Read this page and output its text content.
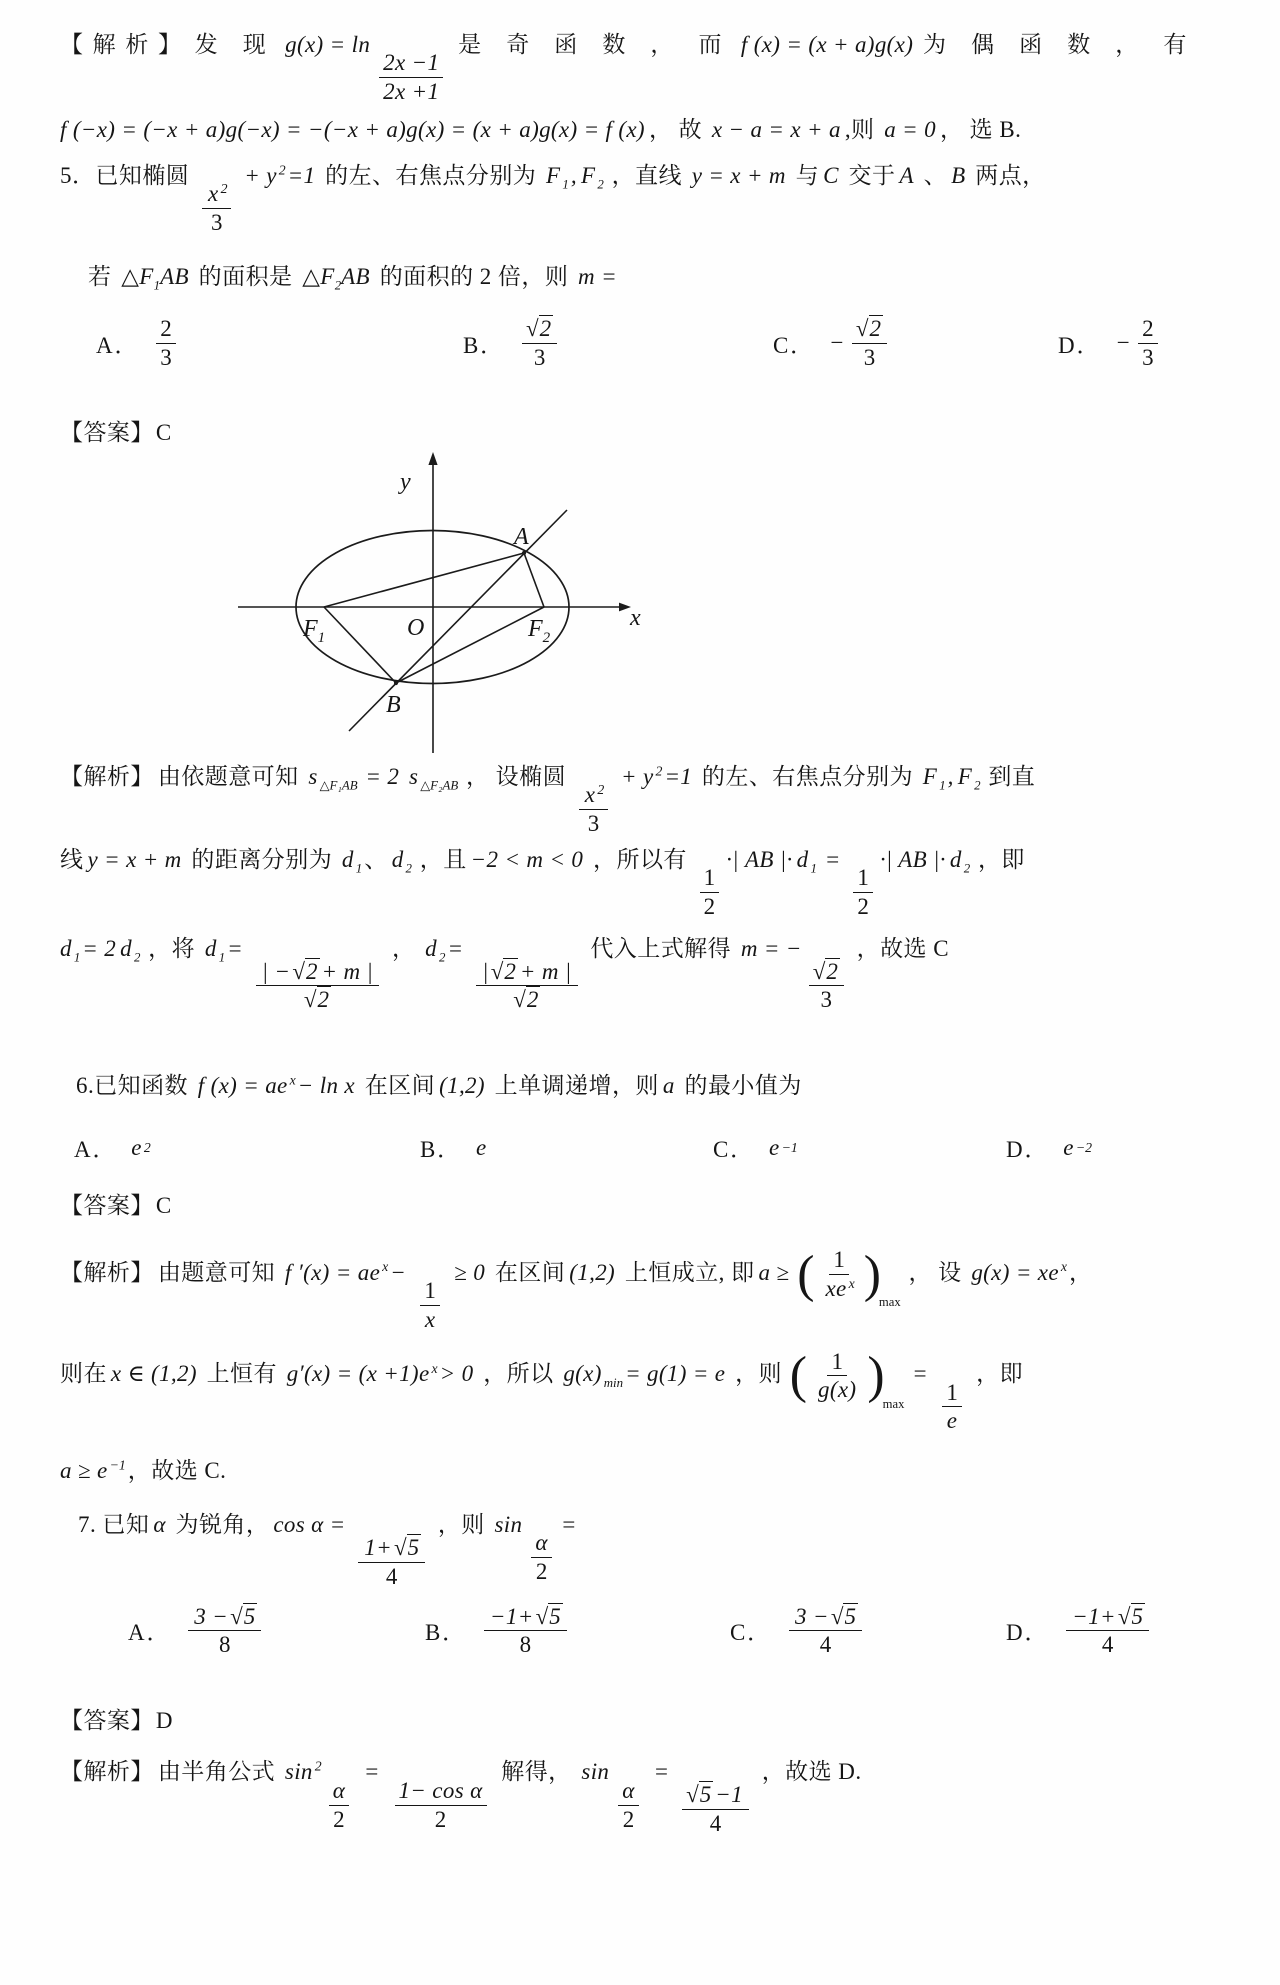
【解析】 发 现 g(x) = ln
$\frac{2x -1}{2x +1}$
是 奇 函 数 ， 而 f (x) = (x + a)g(x) 为 偶 函 数 ， 有
f (−x) = (−x + a)g(−x) = −(−x + a)g(x) = (x + a)g(x) = f (x) ， 故 x − a = x + a ,则 a = 0 ， 选 B.
5．已知椭圆
$\frac{x ^2}{3}$
+ y $^2$=1 的左、右焦点分别为 F $_1$, F $_2$ ，直线 y = x + m 与 C 交于 A 、 B 两点，
若 $\triangle F_1AB$ 的面积是 $\triangle F_2AB$ 的面积的 2 倍，则 m =
A． $\frac{2}{3}$	B． $\frac{√2}{3}$	C． − $\frac{√2}{3}$	D． − $\frac{2}{3}$
【答案】C
y
x
O
A
B
$F_1$	$F_2$
【解析】 由依题意可知 s $_{\triangle F_1AB}$ = 2 s $_{\triangle F_2AB}$ ， 设椭圆
$\frac{x ^2}{3}$
+ y $^2$=1 的左、右焦点分别为 F $_1$, F $_2$ 到直
线 y = x + m 的距离分别为 d $_1$、 d $_2$ ，且 −2 < m < 0 ，所以有
$\frac{1}{2}$
·| AB |· d $_1$ =
$\frac{1}{2}$
·| AB |· d $_2$ ，即
d $_1$= 2 d $_2$ ，将 d $_1$=
$\frac{| -√2 + m |}{√2}$
， d $_2$=
$\frac{|√2 + m |}{√2}$
代入上式解得 m = −
$\frac{√2}{3}$
，故选 C
6.已知函数 f (x) = ae $^x$− ln x 在区间 (1,2) 上单调递增，则 a 的最小值为
A． e 2	B． e	C． e −1	D． e −2
【答案】C
【解析】 由题意可知 f ′(x) = ae $^x$−
$\frac{1}{x}$
≥ 0 在区间 (1,2) 上恒成立, 即 a ≥ ( $\frac{1}{xe ^x}$ )
$_{max}$ ， 设 g(x) = xe $^x$，
则在 x ∈ (1,2) 上恒有 g′(x) = (x +1)e $^x$> 0 ，所以 g(x) $_{min}$= g(1) = e ，则 ( $\frac{1}{g(x)}$ )
$_{max}$ =
$\frac{1}{e}$
，即
a ≥ e $^{-1}$，故选 C.
7. 已知 α 为锐角， cos α =
$\frac{1+√5}{4}$
，则 sin
$\frac{\alpha}{2}$
=
A． $\frac{3 -√5}{8}$	B． $\frac{-1+√5}{8}$	C． $\frac{3 -√5}{4}$	D． $\frac{-1+√5}{4}$
【答案】D
【解析】 由半角公式 sin $^2$
$\frac{\alpha}{2}$
=
$\frac{\text{1− cos α}}{2}$
解得， sin
$\frac{\alpha}{2}$
=
$\frac{√5 -1}{4}$
，故选 D.
